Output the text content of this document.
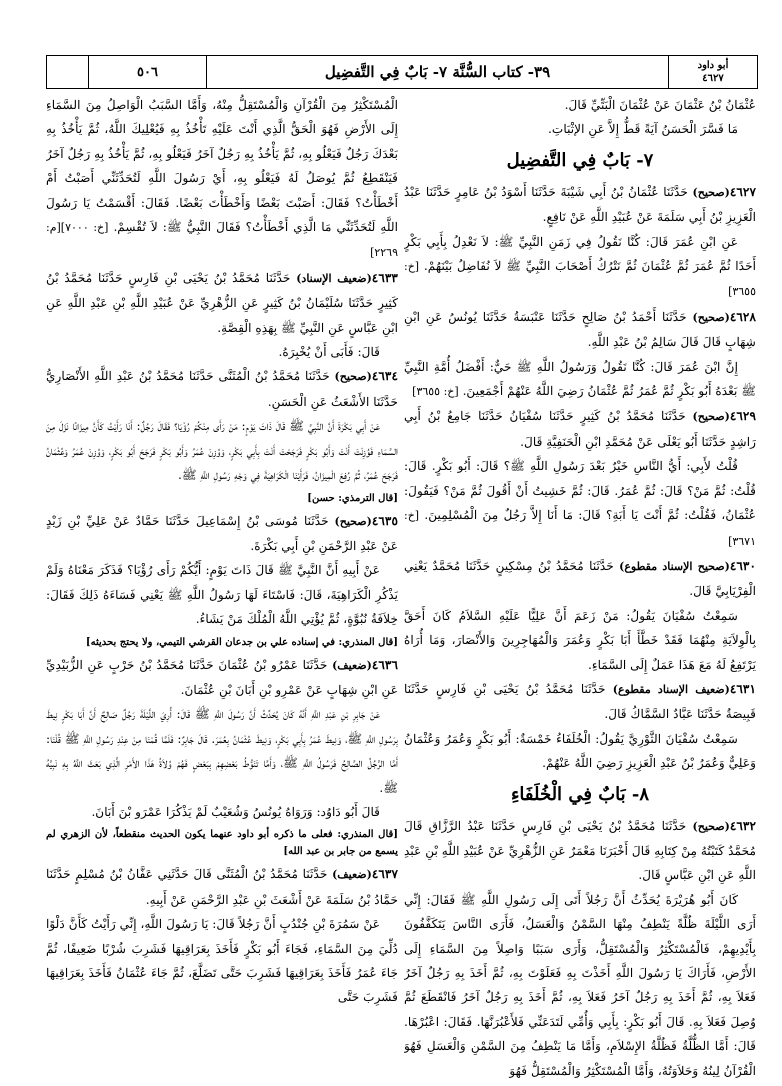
٥٠٦	٣٩- كتاب السُّنَّة ٧- بَابٌ فِي التَّفضِيل	أبو داود
٤٦٢٧

عُثْمَانُ بْنُ عَثْمَانَ عَنْ عُثْمَانَ الْبَتِّيِّ قَالَ.

مَا فَسَّرَ الْحَسَنُ آيَةً قَطُّ إِلاَّ عَنِ الإثْبَاتِ.

٧- بَابٌ فِي التَّفضِيل

٤٦٢٧(صحيح) حَدَّثَنَا عُثْمَانُ بْنُ أَبِي شَيْبَةَ حَدَّثَنَا أَسْوَدُ بْنُ عَامِرٍ حَدَّثَنَا عَبْدُ الْعَزِيزِ بْنُ أَبِي سَلَمَةَ عَنْ عُبَيْدِ اللَّهِ عَنْ نَافِعٍ.

عَنِ ابْنِ عُمَرَ قَالَ: كُنَّا نَقُولُ فِي زَمَنِ النَّبِيِّ ﷺ: لاَ نَعْدِلُ بِأَبِي بَكْرٍ أَحَدًا ثُمَّ عُمَرَ ثُمَّ عُثْمَانَ ثُمَّ نَتْرُكُ أَصْحَابَ النَّبِيِّ ﷺ لاَ نُفَاضِلُ بَيْنَهُمْ. [خ: ٣٦٥٥]

٤٦٢٨(صحيح) حَدَّثَنَا أَحْمَدُ بْنُ صَالِحٍ حَدَّثَنَا عَنْبَسَةُ حَدَّثَنَا يُونُسُ عَنِ ابْنِ شِهَابٍ قَالَ قَالَ سَالِمُ بْنُ عَبْدِ اللَّهِ.

إِنَّ ابْنَ عُمَرَ قَالَ: كُنَّا نَقُولُ وَرَسُولُ اللَّهِ ﷺ حَيٌّ: أَفْضَلُ أُمَّةِ النَّبِيِّ ﷺ بَعْدَهُ أَبُو بَكْرٍ ثُمَّ عُمَرُ ثُمَّ عُثْمَانُ رَضِيَ اللَّهُ عَنْهُمْ أَجْمَعِينَ. [خ: ٣٦٥٥]

٤٦٢٩(صحيح) حَدَّثَنَا مُحَمَّدُ بْنُ كَثِيرٍ حَدَّثَنَا سُفْيَانُ حَدَّثَنَا جَامِعُ بْنُ أَبِي رَاشِدٍ حَدَّثَنَا أَبُو يَعْلَى عَنْ مُحَمَّدِ ابْنِ الْحَنَفِيَّةِ قَالَ.

قُلْتُ لأَبِي: أَيُّ النَّاسِ خَيْرٌ بَعْدَ رَسُولِ اللَّهِ ﷺ؟ قَالَ: أَبُو بَكْرٍ. قَالَ: قُلْتُ: ثُمَّ مَنْ؟ قَالَ: ثُمَّ عُمَرُ. قَالَ: ثُمَّ خَشِيتُ أَنْ أَقُولَ ثُمَّ مَنْ؟ فَيَقُولَ: عُثْمَانُ، فَقُلْتُ: ثُمَّ أَنْتَ يَا أَبَةِ؟ قَالَ: مَا أَنَا إِلاَّ رَجُلٌ مِنَ الْمُسْلِمِينَ. [خ: ٣٦٧١]

٤٦٣٠(صحيح الإسناد مقطوع) حَدَّثَنَا مُحَمَّدُ بْنُ مِسْكِينٍ حَدَّثَنَا مُحَمَّدٌ يَعْنِي الْفِرْيَابِيَّ قَالَ.

سَمِعْتُ سُفْيَانَ يَقُولُ: مَنْ زَعَمَ أَنَّ عَلِيًّا عَلَيْهِ السَّلاَمُ كَانَ أَحَقَّ بِالْوِلاَيَةِ مِنْهُمَا فَقَدْ خَطَّأَ أَبَا بَكْرٍ وَعُمَرَ وَالْمُهَاجِرِينَ وَالأَنْصَارَ، وَمَا أُرَاهُ يَرْتَفِعُ لَهُ مَعَ هَذَا عَمَلٌ إِلَى السَّمَاءِ.

٤٦٣١(ضعيف الإسناد مقطوع) حَدَّثَنَا مُحَمَّدُ بْنُ يَحْيَى بْنِ فَارِسٍ حَدَّثَنَا قَبِيصَةُ حَدَّثَنَا عَبَّادٌ السَّمَّاكُ قَالَ.

سَمِعْتُ سُفْيَانَ الثَّوْرِيَّ يَقُولُ: الْخُلَفَاءُ خَمْسَةٌ: أَبُو بَكْرٍ وَعُمَرُ وَعُثْمَانُ وَعَلِيٌّ وَعُمَرُ بْنُ عَبْدِ الْعَزِيزِ رَضِيَ اللَّهُ عَنْهُمْ.

٨- بَابٌ فِي الْخُلَفَاءِ

٤٦٣٢(صحيح) حَدَّثَنَا مُحَمَّدُ بْنُ يَحْيَى بْنِ فَارِسٍ حَدَّثَنَا عَبْدُ الرَّزَّاقِ قَالَ مُحَمَّدٌ كَتَبْتُهُ مِنْ كِتَابِهِ قَالَ أَخْبَرَنَا مَعْمَرٌ عَنِ الزُّهْرِيِّ عَنْ عُبَيْدِ اللَّهِ بْنِ عَبْدِ اللَّهِ عَنِ ابْنِ عَبَّاسٍ قَالَ.

كَانَ أَبُو هُرَيْرَةَ يُحَدِّثُ أَنَّ رَجُلاً أَتَى إِلَى رَسُولِ اللَّهِ ﷺ فَقَالَ: إِنِّي أَرَى اللَّيْلَةَ ظُلَّةً يَنْطِفُ مِنْهَا السَّمْنُ وَالْعَسَلُ، فَأَرَى النَّاسَ يَتَكَفَّفُونَ بِأَيْدِيهِمْ، فَالْمُسْتَكْثِرُ وَالْمُسْتَقِلُّ، وَأَرَى سَبَبًا وَاصِلاً مِنَ السَّمَاءِ إِلَى الأَرْضِ، فَأَرَاكَ يَا رَسُولَ اللَّهِ أَخَذْتَ بِهِ فَعَلَوْتَ بِهِ، ثُمَّ أَخَذَ بِهِ رَجُلٌ آخَرُ فَعَلاَ بِهِ، ثُمَّ أَخَذَ بِهِ رَجُلٌ آخَرُ فَعَلاَ بِهِ، ثُمَّ أَخَذَ بِهِ رَجُلٌ آخَرُ فَانْقَطَعَ ثُمَّ وُصِلَ فَعَلاَ بِهِ. قَالَ أَبُو بَكْرٍ: بِأَبِي وَأُمِّي لَتَدَعَنِّي فَلأَعْبُرَنَّهَا. فَقَالَ: اعْبُرْهَا. قَالَ: أَمَّا الظُّلَّةُ فَظُلَّةُ الإِسْلاَمِ، وَأَمَّا مَا يَنْطِفُ مِنَ السَّمْنِ وَالْعَسَلِ فَهُوَ الْقُرْآنُ لِينُهُ وَحَلاَوَتُهُ، وَأَمَّا الْمُسْتَكْثِرُ وَالْمُسْتَقِلُّ فَهُوَ

الْمُسْتَكْثِرُ مِنَ الْقُرْآنِ وَالْمُسْتَقِلُّ مِنْهُ، وَأَمَّا السَّبَبُ الْوَاصِلُ مِنَ السَّمَاءِ إِلَى الأَرْضِ فَهُوَ الْحَقُّ الَّذِي أَنْتَ عَلَيْهِ تَأْخُذُ بِهِ فَيُعْلِيكَ اللَّهُ، ثُمَّ يَأْخُذُ بِهِ بَعْدَكَ رَجُلٌ فَيَعْلُو بِهِ، ثُمَّ يَأْخُذُ بِهِ رَجُلٌ آخَرُ فَيَعْلُو بِهِ، ثُمَّ يَأْخُذُ بِهِ رَجُلٌ آخَرُ فَيَنْقَطِعُ ثُمَّ يُوصَلُ لَهُ فَيَعْلُو بِهِ، أَيْ رَسُولَ اللَّهِ لَتُحَدِّثَنِّي أَصَبْتُ أَمْ أَخْطَأْتُ؟ فَقَالَ: أَصَبْتَ بَعْضًا وَأَخْطَأْتَ بَعْضًا. فَقَالَ: أَقْسَمْتُ يَا رَسُولَ اللَّهِ لَتُحَدِّثَنِّي مَا الَّذِي أَخْطَأْتُ؟ فَقَالَ النَّبِيُّ ﷺ: لاَ تُقْسِمْ. [خ: ٧٠٠٠][م: ٢٢٦٩]

٤٦٣٣(ضعيف الإسناد) حَدَّثَنَا مُحَمَّدُ بْنُ يَحْيَى بْنِ فَارِسٍ حَدَّثَنَا مُحَمَّدُ بْنُ كَثِيرٍ حَدَّثَنَا سُلَيْمَانُ بْنُ كَثِيرٍ عَنِ الزُّهْرِيِّ عَنْ عُبَيْدِ اللَّهِ بْنِ عَبْدِ اللَّهِ عَنِ ابْنِ عَبَّاسٍ عَنِ النَّبِيِّ ﷺ بِهَذِهِ الْقِصَّةِ.

قَالَ: فَأَبَى أَنْ يُخْبِرَهُ.

٤٦٣٤(صحيح) حَدَّثَنَا مُحَمَّدُ بْنُ الْمُثَنَّى حَدَّثَنَا مُحَمَّدُ بْنُ عَبْدِ اللَّهِ الأَنْصَارِيُّ حَدَّثَنَا الأَشْعَثُ عَنِ الْحَسَنِ.

عَنْ أَبِي بَكْرَةَ أَنَّ النَّبِيَّ ﷺ قَالَ ذَاتَ يَوْمٍ: مَنْ رَأَى مِنْكُمْ رُؤْيَا؟ فَقَالَ رَجُلٌ: أَنَا رَأَيْتُ كَأَنَّ مِيزَانًا نَزَلَ مِنَ السَّمَاءِ فَوُزِنْتَ أَنْتَ وَأَبُو بَكْرٍ فَرَجَحْتَ أَنْتَ بِأَبِي بَكْرٍ، وَوُزِنَ عُمَرُ وَأَبُو بَكْرٍ فَرَجَحَ أَبُو بَكْرٍ، وَوُزِنَ عُمَرُ وَعُثْمَانُ فَرَجَحَ عُمَرُ، ثُمَّ رُفِعَ الْمِيزَانُ، فَرَأَيْنَا الْكَرَاهِيَةَ فِي وَجْهِ رَسُولِ اللَّهِ ﷺ.

[قال الترمذي: حسن]

٤٦٣٥(صحيح) حَدَّثَنَا مُوسَى بْنُ إِسْمَاعِيلَ حَدَّثَنَا حَمَّادٌ عَنْ عَلِيِّ بْنِ زَيْدٍ عَنْ عَبْدِ الرَّحْمَنِ بْنِ أَبِي بَكْرَةَ.

عَنْ أَبِيهِ أَنَّ النَّبِيَّ ﷺ قَالَ ذَاتَ يَوْمٍ: أَيُّكُمْ رَأَى رُؤْيَا؟ فَذَكَرَ مَعْنَاهُ وَلَمْ يَذْكُرِ الْكَرَاهِيَةَ، قَالَ: فَاسْتَاءَ لَهَا رَسُولُ اللَّهِ ﷺ يَعْنِي فَسَاءَهُ ذَلِكَ فَقَالَ: خِلاَفَةُ نُبُوَّةٍ، ثُمَّ يُؤْتِي اللَّهُ الْمُلْكَ مَنْ يَشَاءُ.

[قال المنذري: في إسناده علي بن جدعان القرشي التيمي، ولا يحتج بحديثه]

٤٦٣٦(ضعيف) حَدَّثَنَا عَمْرُو بْنُ عُثْمَانَ حَدَّثَنَا مُحَمَّدُ بْنُ حَرْبٍ عَنِ الزُّبَيْدِيِّ عَنِ ابْنِ شِهَابٍ عَنْ عَمْرِو بْنِ أَبَانَ بْنِ عُثْمَانَ.

عَنْ جَابِرِ بْنِ عَبْدِ اللَّهِ أَنَّهُ كَانَ يُحَدِّثُ أَنَّ رَسُولَ اللَّهِ ﷺ قَالَ: أُرِيَ اللَّيْلَةَ رَجُلٌ صَالِحٌ أَنَّ أَبَا بَكْرٍ نِيطَ بِرَسُولِ اللَّهِ ﷺ، وَنِيطَ عُمَرُ بِأَبِي بَكْرٍ، وَنِيطَ عُثْمَانُ بِعُمَرَ. قَالَ جَابِرٌ: فَلَمَّا قُمْنَا مِنْ عِنْدِ رَسُولِ اللَّهِ ﷺ قُلْنَا: أَمَّا الرَّجُلُ الصَّالِحُ فَرَسُولُ اللَّهِ ﷺ، وَأَمَّا تَنَوُّطُ بَعْضِهِمْ بِبَعْضٍ فَهُمْ وُلاَةُ هَذَا الأَمْرِ الَّذِي بَعَثَ اللَّهُ بِهِ نَبِيَّهُ ﷺ.

قَالَ أَبُو دَاوُد: وَرَوَاهُ يُونُسُ وَشُعَيْبٌ لَمْ يَذْكُرَا عَمْرَو بْنَ أَبَانَ.

[قال المنذري: فعلى ما ذكره أبو داود عنهما يكون الحديث منقطعاً، لأن الزهري لم يسمع من جابر بن عبد الله]

٤٦٣٧(ضعيف) حَدَّثَنَا مُحَمَّدُ بْنُ الْمُثَنَّى قَالَ حَدَّثَنِي عَفَّانُ بْنُ مُسْلِمٍ حَدَّثَنَا حَمَّادُ بْنُ سَلَمَةَ عَنْ أَشْعَثَ بْنِ عَبْدِ الرَّحْمَنِ عَنْ أَبِيهِ.

عَنْ سَمُرَةَ بْنِ جُنْدُبٍ أَنَّ رَجُلاً قَالَ: يَا رَسُولَ اللَّهِ، إِنِّي رَأَيْتُ كَأَنَّ دَلْوًا دُلِّيَ مِنَ السَّمَاءِ، فَجَاءَ أَبُو بَكْرٍ فَأَخَذَ بِعَرَاقِيهَا فَشَرِبَ شُرْبًا ضَعِيفًا، ثُمَّ جَاءَ عُمَرُ فَأَخَذَ بِعَرَاقِيهَا فَشَرِبَ حَتَّى تَضَلَّعَ، ثُمَّ جَاءَ عُثْمَانُ فَأَخَذَ بِعَرَاقِيهَا فَشَرِبَ حَتَّى
